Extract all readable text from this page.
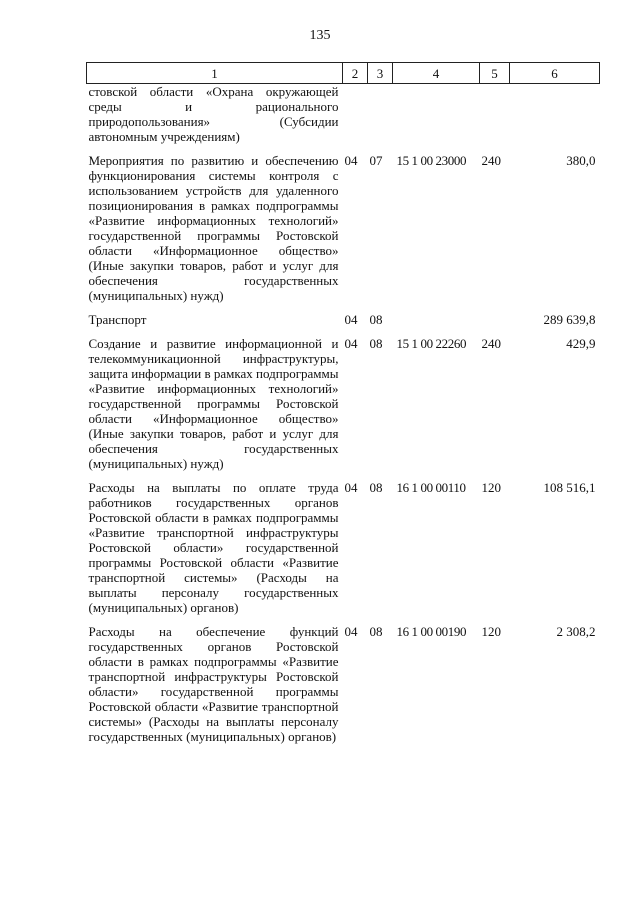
135
1	2	3	4	5	6
стовской области «Охрана окружающей среды и рационального природопользования» (Субсидии автономным учреждениям)					
Мероприятия по развитию и обеспечению функционирования системы контроля с использованием устройств для удаленного позиционирования в рамках подпрограммы «Развитие информационных технологий» государственной программы Ростовской области «Информационное общество» (Иные закупки товаров, работ и услуг для обеспечения государственных (муниципальных) нужд)	04	07	15 1 00 23000	240	380,0
Транспорт	04	08			289 639,8
Создание и развитие информационной и телекоммуникационной инфраструктуры, защита информации в рамках подпрограммы «Развитие информационных технологий» государственной программы Ростовской области «Информационное общество» (Иные закупки товаров, работ и услуг для обеспечения государственных (муниципальных) нужд)	04	08	15 1 00 22260	240	429,9
Расходы на выплаты по оплате труда работников государственных органов Ростовской области в рамках подпрограммы «Развитие транспортной инфраструктуры Ростовской области» государственной программы Ростовской области «Развитие транспортной системы» (Расходы на выплаты персоналу государственных (муниципальных) органов)	04	08	16 1 00 00110	120	108 516,1
Расходы на обеспечение функций государственных органов Ростовской области в рамках подпрограммы «Развитие транспортной инфраструктуры Ростовской области» государственной программы Ростовской области «Развитие транспортной системы» (Расходы на выплаты персоналу государственных (муниципальных) органов)	04	08	16 1 00 00190	120	2 308,2
